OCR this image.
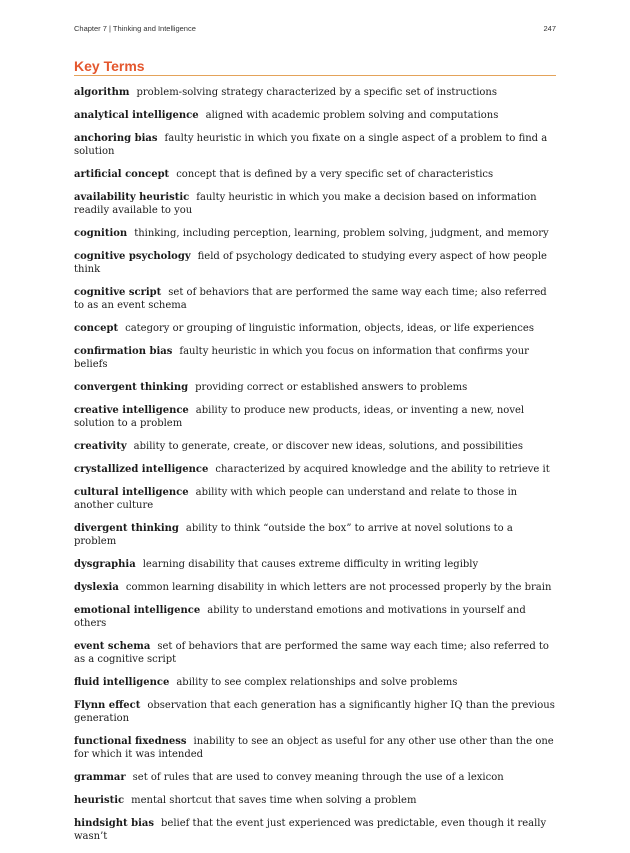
Chapter 7 | Thinking and Intelligence	247
Key Terms

algorithm problem-solving strategy characterized by a specific set of instructions

analytical intelligence aligned with academic problem solving and computations

anchoring bias faulty heuristic in which you fixate on a single aspect of a problem to find a solution

artificial concept concept that is defined by a very specific set of characteristics

availability heuristic faulty heuristic in which you make a decision based on information readily available to you

cognition thinking, including perception, learning, problem solving, judgment, and memory

cognitive psychology field of psychology dedicated to studying every aspect of how people think

cognitive script set of behaviors that are performed the same way each time; also referred to as an event schema

concept category or grouping of linguistic information, objects, ideas, or life experiences

confirmation bias faulty heuristic in which you focus on information that confirms your beliefs

convergent thinking providing correct or established answers to problems

creative intelligence ability to produce new products, ideas, or inventing a new, novel solution to a problem

creativity ability to generate, create, or discover new ideas, solutions, and possibilities

crystallized intelligence characterized by acquired knowledge and the ability to retrieve it

cultural intelligence ability with which people can understand and relate to those in another culture

divergent thinking ability to think “outside the box” to arrive at novel solutions to a problem

dysgraphia learning disability that causes extreme difficulty in writing legibly

dyslexia common learning disability in which letters are not processed properly by the brain

emotional intelligence ability to understand emotions and motivations in yourself and others

event schema set of behaviors that are performed the same way each time; also referred to as a cognitive script

fluid intelligence ability to see complex relationships and solve problems

Flynn effect observation that each generation has a significantly higher IQ than the previous generation

functional fixedness inability to see an object as useful for any other use other than the one for which it was intended

grammar set of rules that are used to convey meaning through the use of a lexicon

heuristic mental shortcut that saves time when solving a problem

hindsight bias belief that the event just experienced was predictable, even though it really wasn’t
